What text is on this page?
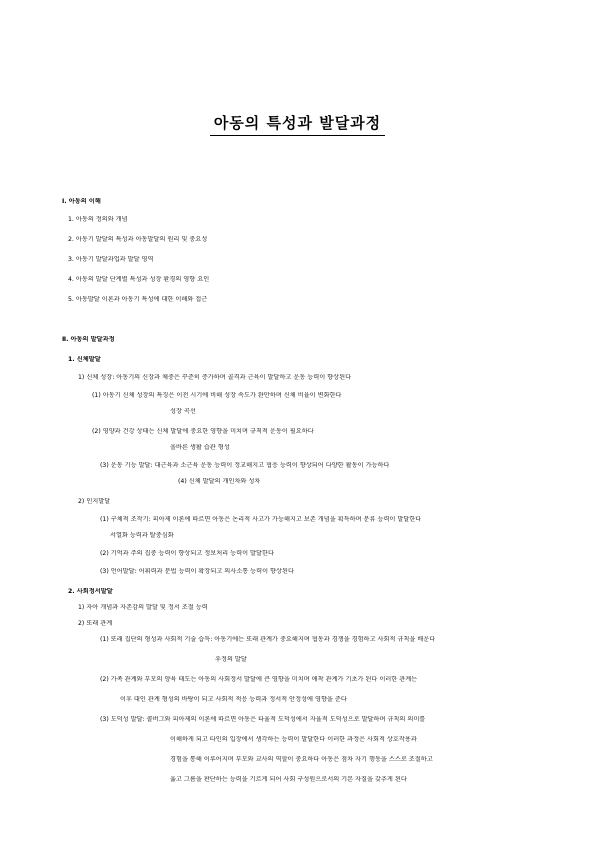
아동의 특성과 발달과정
Ⅰ. 아동의 이해
1. 아동의 정의와 개념
2. 아동기 발달의 특성과 아동발달의 원리 및 중요성
3. 아동기 발달과업과 발달 영역
4. 아동의 발달 단계별 특성과 성장 환경의 영향 요인
5. 아동발달 이론과 아동기 특성에 대한 이해와 접근
Ⅱ. 아동의 발달과정
1. 신체발달
1) 신체 성장: 아동기의 신장과 체중은 꾸준히 증가하며 골격과 근육이 발달하고 운동 능력이 향상된다
(1) 아동기 신체 성장의 특징은 이전 시기에 비해 성장 속도가 완만하며 신체 비율이 변화한다
성장 곡선
(2) 영양과 건강 상태는 신체 발달에 중요한 영향을 미치며 규칙적 운동이 필요하다
올바른 생활 습관 형성
(3) 운동 기능 발달: 대근육과 소근육 운동 능력이 정교해지고 협응 능력이 향상되어 다양한 활동이 가능하다
(4) 신체 발달의 개인차와 성차
2) 인지발달
(1) 구체적 조작기: 피아제 이론에 따르면 아동은 논리적 사고가 가능해지고 보존 개념을 획득하며 분류 능력이 발달한다
서열화 능력과 탈중심화
(2) 기억과 주의 집중 능력이 향상되고 정보처리 능력이 발달한다
(3) 언어발달: 어휘력과 문법 능력이 확장되고 의사소통 능력이 향상된다
2. 사회정서발달
1) 자아 개념과 자존감의 발달 및 정서 조절 능력
2) 또래 관계
(1) 또래 집단의 형성과 사회적 기술 습득: 아동기에는 또래 관계가 중요해지며 협동과 경쟁을 경험하고 사회적 규칙을 배운다
우정의 발달
(2) 가족 관계와 부모의 양육 태도는 아동의 사회정서 발달에 큰 영향을 미치며 애착 관계가 기초가 된다 이러한 관계는
이후 대인 관계 형성의 바탕이 되고 사회적 적응 능력과 정서적 안정성에 영향을 준다
(3) 도덕성 발달: 콜버그와 피아제의 이론에 따르면 아동은 타율적 도덕성에서 자율적 도덕성으로 발달하며 규칙의 의미를
이해하게 되고 타인의 입장에서 생각하는 능력이 발달한다 이러한 과정은 사회적 상호작용과
경험을 통해 이루어지며 부모와 교사의 역할이 중요하다 아동은 점차 자기 행동을 스스로 조절하고
옳고 그름을 판단하는 능력을 기르게 되어 사회 구성원으로서의 기본 자질을 갖추게 된다
